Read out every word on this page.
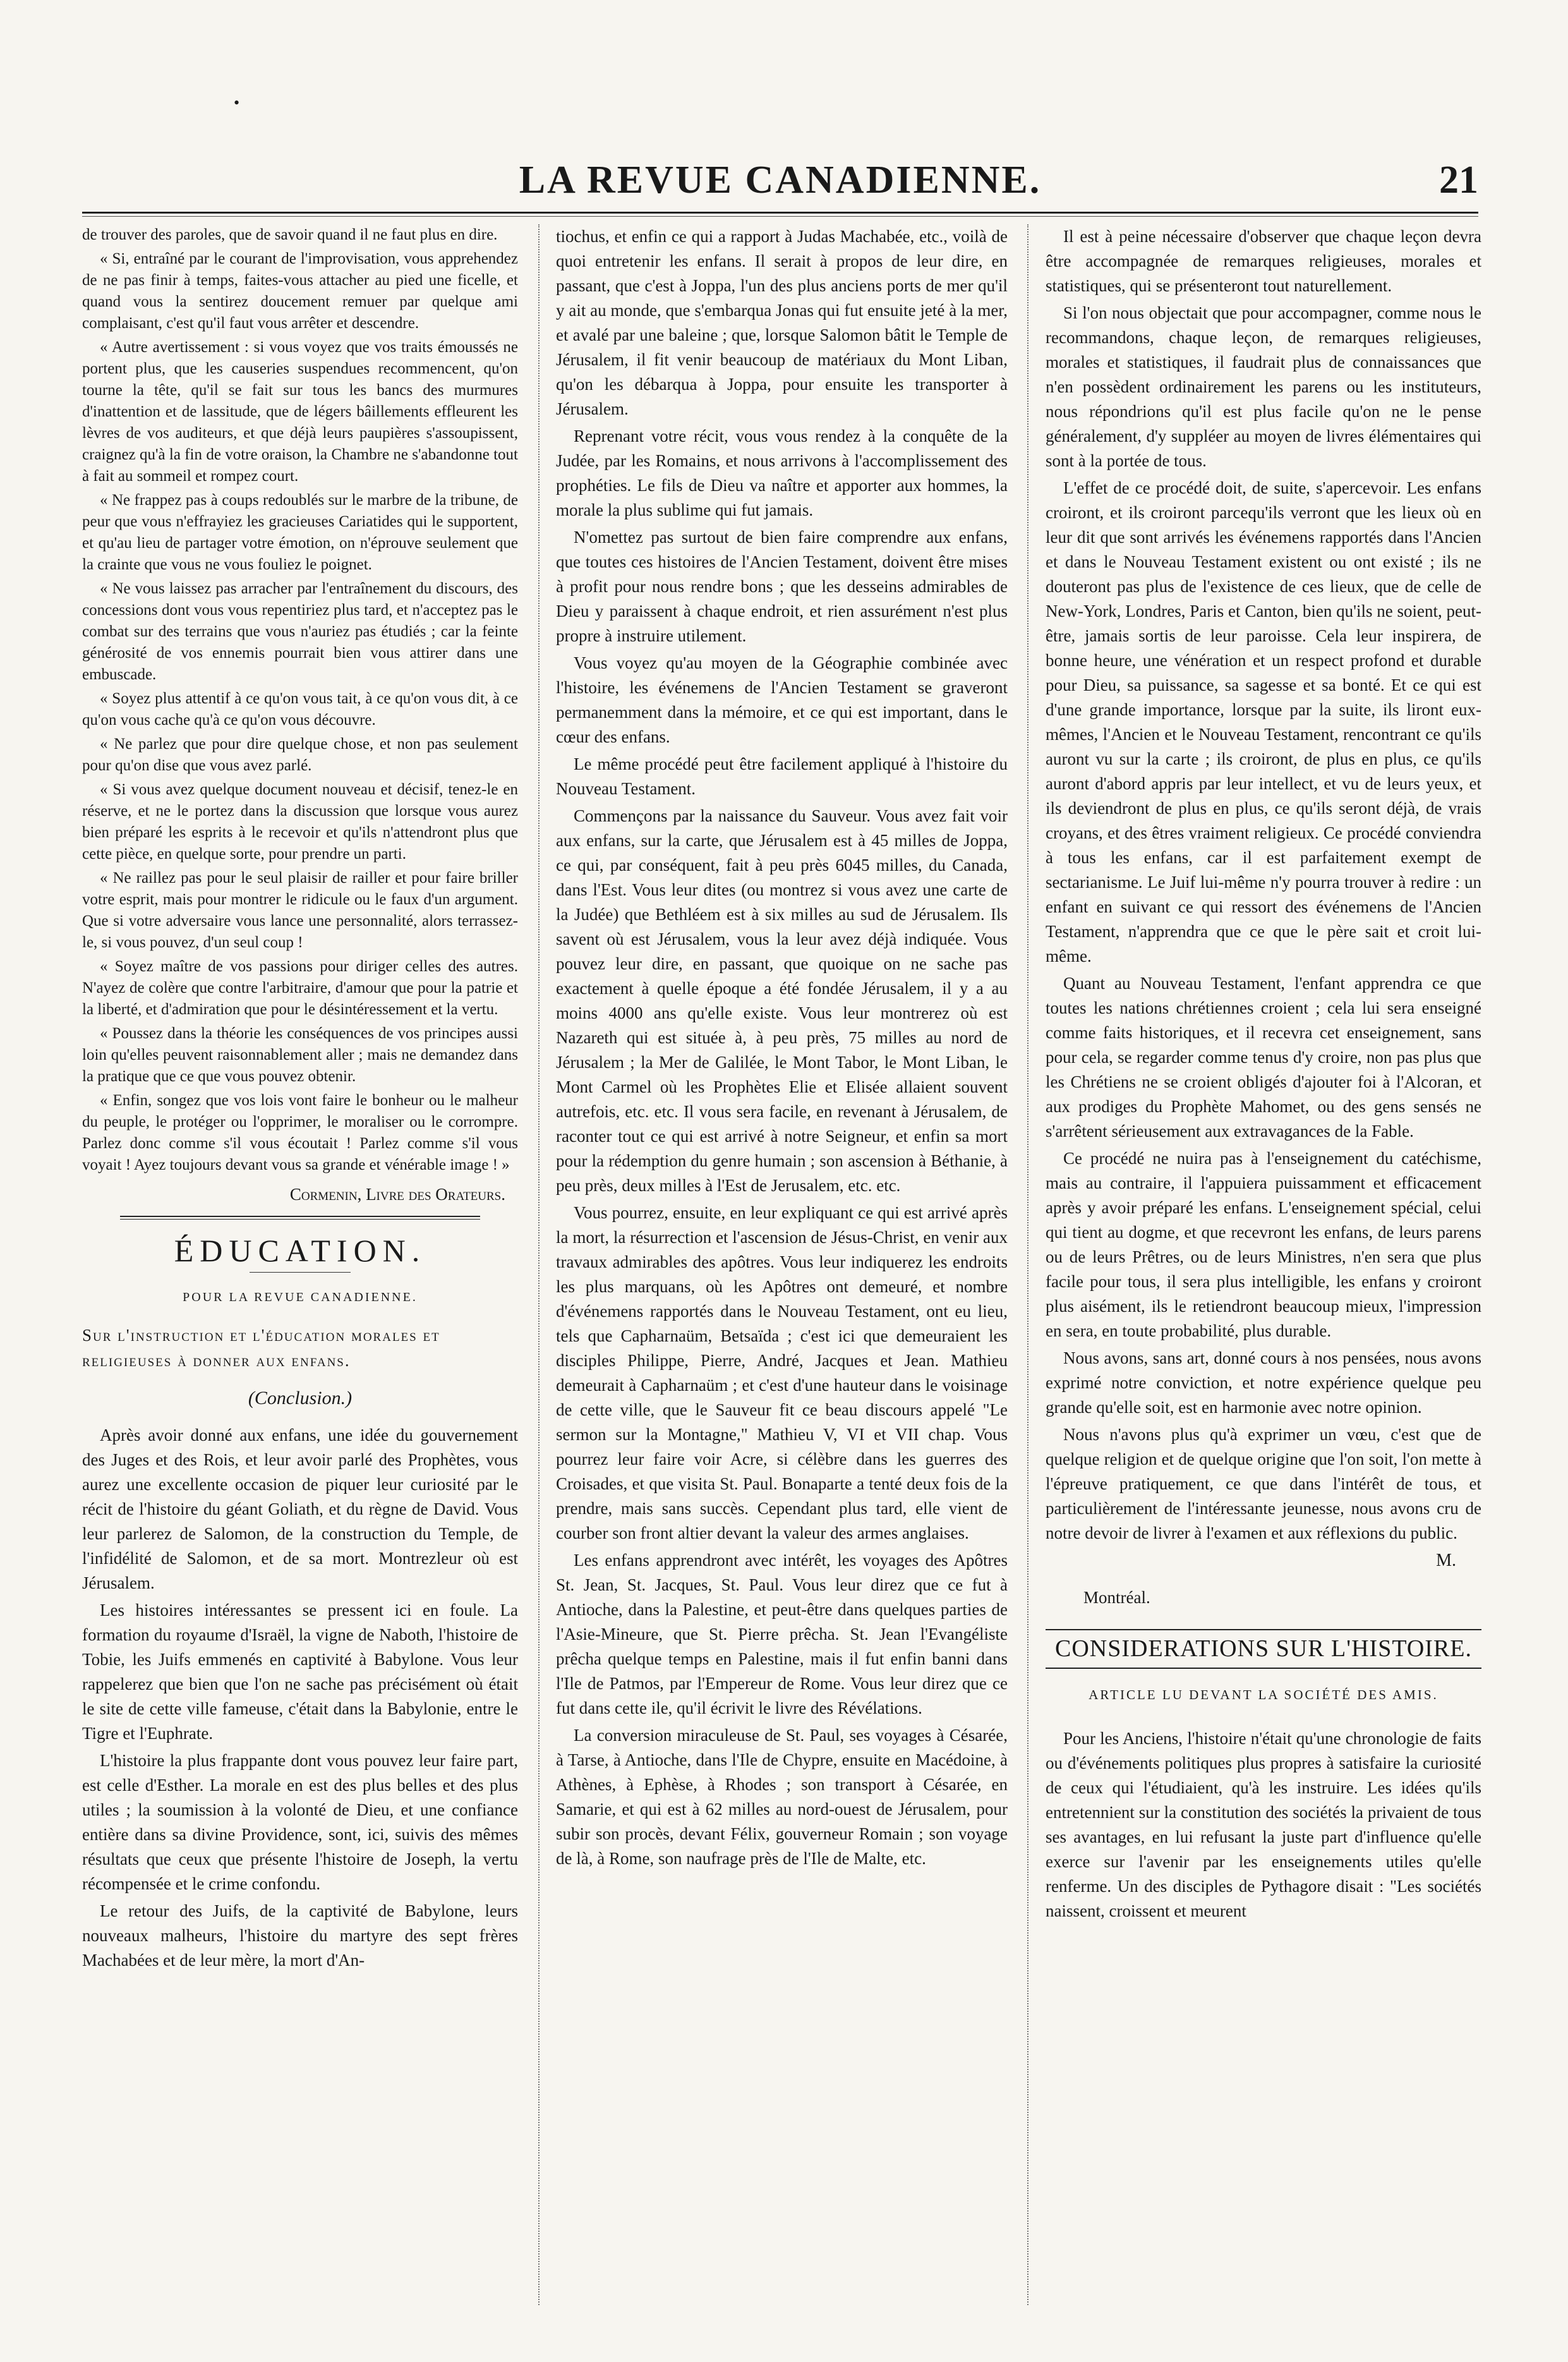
•
LA REVUE CANADIENNE.	21

de trouver des paroles, que de savoir quand il ne faut plus en dire.

« Si, entraîné par le courant de l'improvisation, vous apprehendez de ne pas finir à temps, faites-vous attacher au pied une ficelle, et quand vous la sentirez doucement remuer par quelque ami complaisant, c'est qu'il faut vous arrêter et descendre.

« Autre avertissement : si vous voyez que vos traits émoussés ne portent plus, que les causeries suspendues recommencent, qu'on tourne la tête, qu'il se fait sur tous les bancs des murmures d'inattention et de lassitude, que de légers bâillements effleurent les lèvres de vos auditeurs, et que déjà leurs paupières s'assoupissent, craignez qu'à la fin de votre oraison, la Chambre ne s'abandonne tout à fait au sommeil et rompez court.

« Ne frappez pas à coups redoublés sur le marbre de la tribune, de peur que vous n'effrayiez les gracieuses Cariatides qui le supportent, et qu'au lieu de partager votre émotion, on n'éprouve seulement que la crainte que vous ne vous fouliez le poignet.

« Ne vous laissez pas arracher par l'entraînement du discours, des concessions dont vous vous repentiriez plus tard, et n'acceptez pas le combat sur des terrains que vous n'auriez pas étudiés ; car la feinte générosité de vos ennemis pourrait bien vous attirer dans une embuscade.

« Soyez plus attentif à ce qu'on vous tait, à ce qu'on vous dit, à ce qu'on vous cache qu'à ce qu'on vous découvre.

« Ne parlez que pour dire quelque chose, et non pas seulement pour qu'on dise que vous avez parlé.

« Si vous avez quelque document nouveau et décisif, tenez-le en réserve, et ne le portez dans la discussion que lorsque vous aurez bien préparé les esprits à le recevoir et qu'ils n'attendront plus que cette pièce, en quelque sorte, pour prendre un parti.

« Ne raillez pas pour le seul plaisir de railler et pour faire briller votre esprit, mais pour montrer le ridicule ou le faux d'un argument. Que si votre adversaire vous lance une personnalité, alors terrassez-le, si vous pouvez, d'un seul coup !

« Soyez maître de vos passions pour diriger celles des autres. N'ayez de colère que contre l'arbitraire, d'amour que pour la patrie et la liberté, et d'admiration que pour le désintéressement et la vertu.

« Poussez dans la théorie les conséquences de vos principes aussi loin qu'elles peuvent raisonnablement aller ; mais ne demandez dans la pratique que ce que vous pouvez obtenir.

« Enfin, songez que vos lois vont faire le bonheur ou le malheur du peuple, le protéger ou l'opprimer, le moraliser ou le corrompre. Parlez donc comme s'il vous écoutait ! Parlez comme s'il vous voyait ! Ayez toujours devant vous sa grande et vénérable image ! »

Cormenin, Livre des Orateurs.
ÉDUCATION.
POUR LA REVUE CANADIENNE.
Sur l'instruction et l'éducation morales et religieuses à donner aux enfans.
(Conclusion.)

Après avoir donné aux enfans, une idée du gouvernement des Juges et des Rois, et leur avoir parlé des Prophètes, vous aurez une excellente occasion de piquer leur curiosité par le récit de l'histoire du géant Goliath, et du règne de David. Vous leur parlerez de Salomon, de la construction du Temple, de l'infidélité de Salomon, et de sa mort. Montrezleur où est Jérusalem.

Les histoires intéressantes se pressent ici en foule. La formation du royaume d'Israël, la vigne de Naboth, l'histoire de Tobie, les Juifs emmenés en captivité à Babylone. Vous leur rappelerez que bien que l'on ne sache pas précisément où était le site de cette ville fameuse, c'était dans la Babylonie, entre le Tigre et l'Euphrate.

L'histoire la plus frappante dont vous pouvez leur faire part, est celle d'Esther. La morale en est des plus belles et des plus utiles ; la soumission à la volonté de Dieu, et une confiance entière dans sa divine Providence, sont, ici, suivis des mêmes résultats que ceux que présente l'histoire de Joseph, la vertu récompensée et le crime confondu.

Le retour des Juifs, de la captivité de Babylone, leurs nouveaux malheurs, l'histoire du martyre des sept frères Machabées et de leur mère, la mort d'An-

tiochus, et enfin ce qui a rapport à Judas Machabée, etc., voilà de quoi entretenir les enfans. Il serait à propos de leur dire, en passant, que c'est à Joppa, l'un des plus anciens ports de mer qu'il y ait au monde, que s'embarqua Jonas qui fut ensuite jeté à la mer, et avalé par une baleine ; que, lorsque Salomon bâtit le Temple de Jérusalem, il fit venir beaucoup de matériaux du Mont Liban, qu'on les débarqua à Joppa, pour ensuite les transporter à Jérusalem.

Reprenant votre récit, vous vous rendez à la conquête de la Judée, par les Romains, et nous arrivons à l'accomplissement des prophéties. Le fils de Dieu va naître et apporter aux hommes, la morale la plus sublime qui fut jamais.

N'omettez pas surtout de bien faire comprendre aux enfans, que toutes ces histoires de l'Ancien Testament, doivent être mises à profit pour nous rendre bons ; que les desseins admirables de Dieu y paraissent à chaque endroit, et rien assurément n'est plus propre à instruire utilement.

Vous voyez qu'au moyen de la Géographie combinée avec l'histoire, les événemens de l'Ancien Testament se graveront permanemment dans la mémoire, et ce qui est important, dans le cœur des enfans.

Le même procédé peut être facilement appliqué à l'histoire du Nouveau Testament.

Commençons par la naissance du Sauveur. Vous avez fait voir aux enfans, sur la carte, que Jérusalem est à 45 milles de Joppa, ce qui, par conséquent, fait à peu près 6045 milles, du Canada, dans l'Est. Vous leur dites (ou montrez si vous avez une carte de la Judée) que Bethléem est à six milles au sud de Jérusalem. Ils savent où est Jérusalem, vous la leur avez déjà indiquée. Vous pouvez leur dire, en passant, que quoique on ne sache pas exactement à quelle époque a été fondée Jérusalem, il y a au moins 4000 ans qu'elle existe. Vous leur montrerez où est Nazareth qui est située à, à peu près, 75 milles au nord de Jérusalem ; la Mer de Galilée, le Mont Tabor, le Mont Liban, le Mont Carmel où les Prophètes Elie et Elisée allaient souvent autrefois, etc. etc. Il vous sera facile, en revenant à Jérusalem, de raconter tout ce qui est arrivé à notre Seigneur, et enfin sa mort pour la rédemption du genre humain ; son ascension à Béthanie, à peu près, deux milles à l'Est de Jerusalem, etc. etc.

Vous pourrez, ensuite, en leur expliquant ce qui est arrivé après la mort, la résurrection et l'ascension de Jésus-Christ, en venir aux travaux admirables des apôtres. Vous leur indiquerez les endroits les plus marquans, où les Apôtres ont demeuré, et nombre d'événemens rapportés dans le Nouveau Testament, ont eu lieu, tels que Capharnaüm, Betsaïda ; c'est ici que demeuraient les disciples Philippe, Pierre, André, Jacques et Jean. Mathieu demeurait à Capharnaüm ; et c'est d'une hauteur dans le voisinage de cette ville, que le Sauveur fit ce beau discours appelé "Le sermon sur la Montagne," Mathieu V, VI et VII chap. Vous pourrez leur faire voir Acre, si célèbre dans les guerres des Croisades, et que visita St. Paul. Bonaparte a tenté deux fois de la prendre, mais sans succès. Cependant plus tard, elle vient de courber son front altier devant la valeur des armes anglaises.

Les enfans apprendront avec intérêt, les voyages des Apôtres St. Jean, St. Jacques, St. Paul. Vous leur direz que ce fut à Antioche, dans la Palestine, et peut-être dans quelques parties de l'Asie-Mineure, que St. Pierre prêcha. St. Jean l'Evangéliste prêcha quelque temps en Palestine, mais il fut enfin banni dans l'Ile de Patmos, par l'Empereur de Rome. Vous leur direz que ce fut dans cette ile, qu'il écrivit le livre des Révélations.

La conversion miraculeuse de St. Paul, ses voyages à Césarée, à Tarse, à Antioche, dans l'Ile de Chypre, ensuite en Macédoine, à Athènes, à Ephèse, à Rhodes ; son transport à Césarée, en Samarie, et qui est à 62 milles au nord-ouest de Jérusalem, pour subir son procès, devant Félix, gouverneur Romain ; son voyage de là, à Rome, son naufrage près de l'Ile de Malte, etc.

Il est à peine nécessaire d'observer que chaque leçon devra être accompagnée de remarques religieuses, morales et statistiques, qui se présenteront tout naturellement.

Si l'on nous objectait que pour accompagner, comme nous le recommandons, chaque leçon, de remarques religieuses, morales et statistiques, il faudrait plus de connaissances que n'en possèdent ordinairement les parens ou les instituteurs, nous répondrions qu'il est plus facile qu'on ne le pense généralement, d'y suppléer au moyen de livres élémentaires qui sont à la portée de tous.

L'effet de ce procédé doit, de suite, s'apercevoir. Les enfans croiront, et ils croiront parcequ'ils verront que les lieux où en leur dit que sont arrivés les événemens rapportés dans l'Ancien et dans le Nouveau Testament existent ou ont existé ; ils ne douteront pas plus de l'existence de ces lieux, que de celle de New-York, Londres, Paris et Canton, bien qu'ils ne soient, peut-être, jamais sortis de leur paroisse. Cela leur inspirera, de bonne heure, une vénération et un respect profond et durable pour Dieu, sa puissance, sa sagesse et sa bonté. Et ce qui est d'une grande importance, lorsque par la suite, ils liront eux-mêmes, l'Ancien et le Nouveau Testament, rencontrant ce qu'ils auront vu sur la carte ; ils croiront, de plus en plus, ce qu'ils auront d'abord appris par leur intellect, et vu de leurs yeux, et ils deviendront de plus en plus, ce qu'ils seront déjà, de vrais croyans, et des êtres vraiment religieux. Ce procédé conviendra à tous les enfans, car il est parfaitement exempt de sectarianisme. Le Juif lui-même n'y pourra trouver à redire : un enfant en suivant ce qui ressort des événemens de l'Ancien Testament, n'apprendra que ce que le père sait et croit lui-même.

Quant au Nouveau Testament, l'enfant apprendra ce que toutes les nations chrétiennes croient ; cela lui sera enseigné comme faits historiques, et il recevra cet enseignement, sans pour cela, se regarder comme tenus d'y croire, non pas plus que les Chrétiens ne se croient obligés d'ajouter foi à l'Alcoran, et aux prodiges du Prophète Mahomet, ou des gens sensés ne s'arrêtent sérieusement aux extravagances de la Fable.

Ce procédé ne nuira pas à l'enseignement du catéchisme, mais au contraire, il l'appuiera puissamment et efficacement après y avoir préparé les enfans. L'enseignement spécial, celui qui tient au dogme, et que recevront les enfans, de leurs parens ou de leurs Prêtres, ou de leurs Ministres, n'en sera que plus facile pour tous, il sera plus intelligible, les enfans y croiront plus aisément, ils le retiendront beaucoup mieux, l'impression en sera, en toute probabilité, plus durable.

Nous avons, sans art, donné cours à nos pensées, nous avons exprimé notre conviction, et notre expérience quelque peu grande qu'elle soit, est en harmonie avec notre opinion.

Nous n'avons plus qu'à exprimer un vœu, c'est que de quelque religion et de quelque origine que l'on soit, l'on mette à l'épreuve pratiquement, ce que dans l'intérêt de tous, et particulièrement de l'intéressante jeunesse, nous avons cru de notre devoir de livrer à l'examen et aux réflexions du public.

M.
Montréal.
CONSIDERATIONS SUR L'HISTOIRE.
ARTICLE LU DEVANT LA SOCIÉTÉ DES AMIS.

Pour les Anciens, l'histoire n'était qu'une chronologie de faits ou d'événements politiques plus propres à satisfaire la curiosité de ceux qui l'étudiaient, qu'à les instruire. Les idées qu'ils entretennient sur la constitution des sociétés la privaient de tous ses avantages, en lui refusant la juste part d'influence qu'elle exerce sur l'avenir par les enseignements utiles qu'elle renferme. Un des disciples de Pythagore disait : "Les sociétés naissent, croissent et meurent
